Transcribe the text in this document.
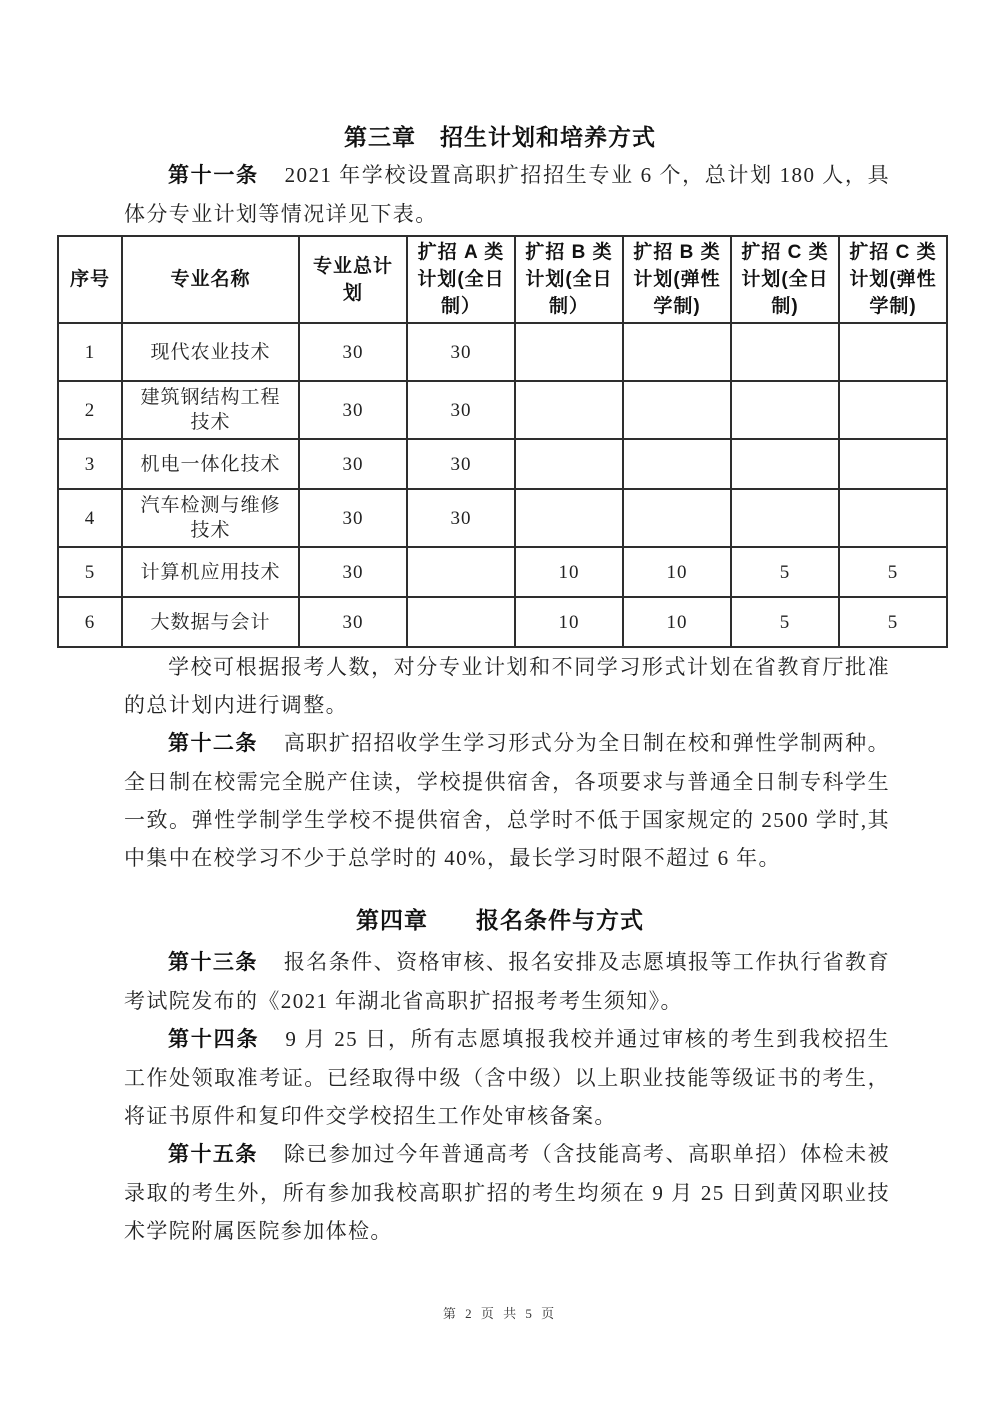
第三章　招生计划和培养方式

第十一条 2021 年学校设置高职扩招招生专业 6 个，总计划 180 人，具体分专业计划等情况详见下表。

序号	专业名称	专业总计划	扩招 A 类计划(全日制）	扩招 B 类计划(全日制）	扩招 B 类计划(弹性学制)	扩招 C 类计划(全日制)	扩招 C 类计划(弹性学制)
1	现代农业技术	30	30				
2	建筑钢结构工程技术	30	30				
3	机电一体化技术	30	30				
4	汽车检测与维修技术	30	30				
5	计算机应用技术	30		10	10	5	5
6	大数据与会计	30		10	10	5	5

学校可根据报考人数，对分专业计划和不同学习形式计划在省教育厅批准的总计划内进行调整。

第十二条 高职扩招招收学生学习形式分为全日制在校和弹性学制两种。全日制在校需完全脱产住读，学校提供宿舍，各项要求与普通全日制专科学生一致。弹性学制学生学校不提供宿舍，总学时不低于国家规定的 2500 学时,其中集中在校学习不少于总学时的 40%，最长学习时限不超过 6 年。

第四章　　报名条件与方式

第十三条 报名条件、资格审核、报名安排及志愿填报等工作执行省教育考试院发布的《2021 年湖北省高职扩招报考考生须知》。

第十四条 9 月 25 日，所有志愿填报我校并通过审核的考生到我校招生工作处领取准考证。已经取得中级（含中级）以上职业技能等级证书的考生，将证书原件和复印件交学校招生工作处审核备案。

第十五条 除已参加过今年普通高考（含技能高考、高职单招）体检未被录取的考生外，所有参加我校高职扩招的考生均须在 9 月 25 日到黄冈职业技术学院附属医院参加体检。

第 2 页 共 5 页
